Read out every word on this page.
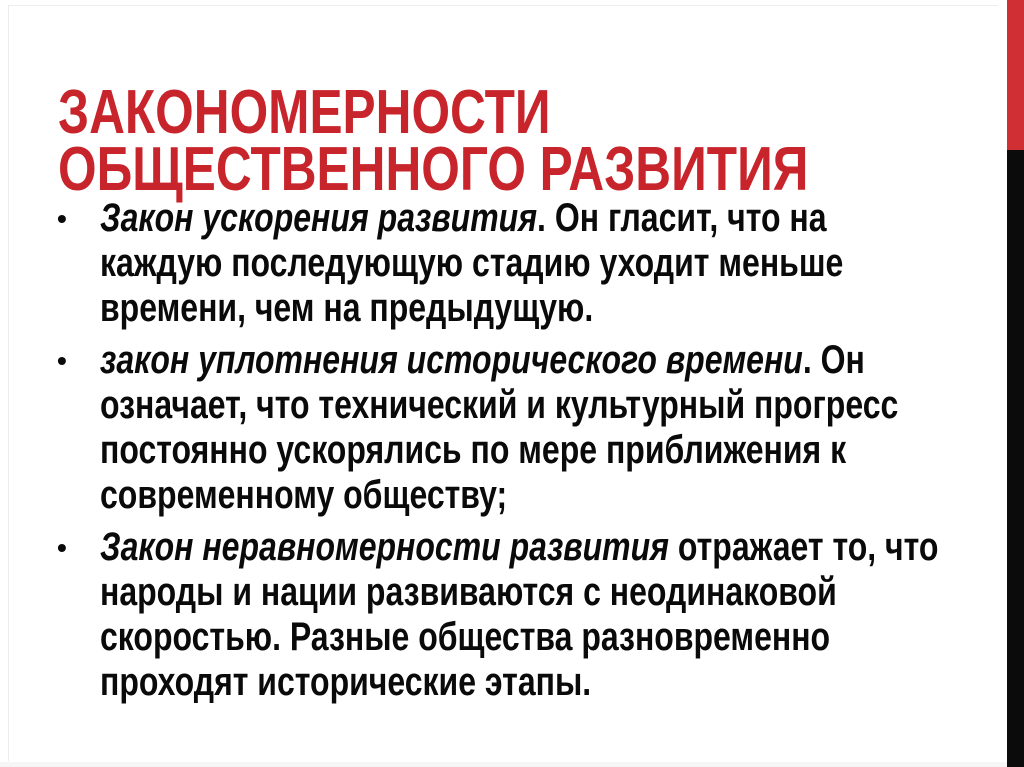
ЗАКОНОМЕРНОСТИ
ОБЩЕСТВЕННОГО РАЗВИТИЯ
• Закон ускорения развития. Он гласит, что на каждую последующую стадию уходит меньше времени, чем на предыдущую.
• закон уплотнения исторического времени. Он означает, что технический и культурный прогресс постоянно ускорялись по мере приближения к современному обществу;
• Закон неравномерности развития отражает то, что народы и нации развиваются с неодинаковой скоростью. Разные общества разновременно проходят исторические этапы.
